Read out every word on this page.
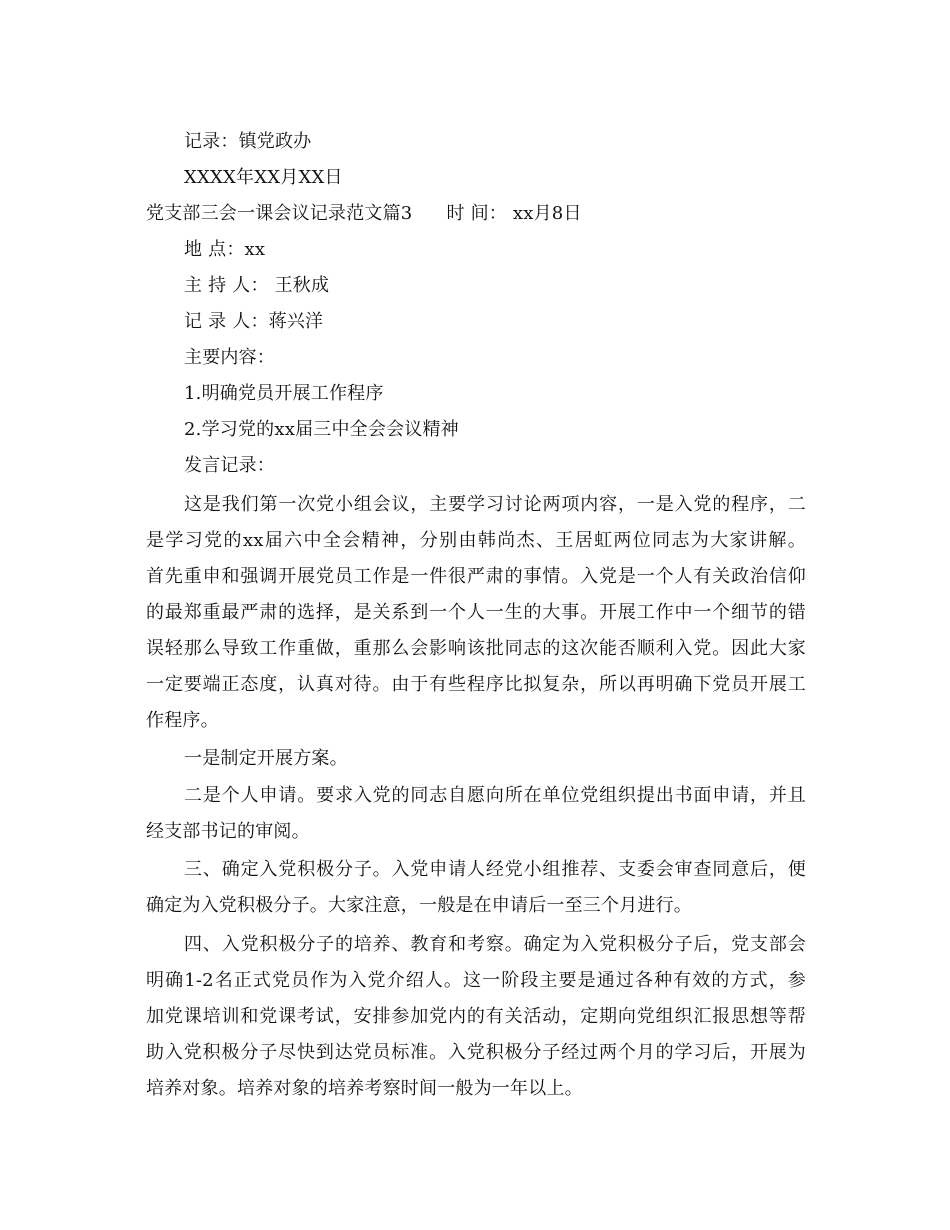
记录：镇党政办
XXXX年XX月XX日
党支部三会一课会议记录范文篇3 时 间： xx月8日
地 点：xx
主 持 人： 王秋成
记 录 人：蒋兴洋
主要内容：
1.明确党员开展工作程序
2.学习党的xx届三中全会会议精神
发言记录：
这是我们第一次党小组会议，主要学习讨论两项内容，一是入党的程序，二
是学习党的xx届六中全会精神，分别由韩尚杰、王居虹两位同志为大家讲解。
首先重申和强调开展党员工作是一件很严肃的事情。入党是一个人有关政治信仰
的最郑重最严肃的选择，是关系到一个人一生的大事。开展工作中一个细节的错
误轻那么导致工作重做，重那么会影响该批同志的这次能否顺利入党。因此大家
一定要端正态度，认真对待。由于有些程序比拟复杂，所以再明确下党员开展工
作程序。
一是制定开展方案。
二是个人申请。要求入党的同志自愿向所在单位党组织提出书面申请，并且
经支部书记的审阅。
三、确定入党积极分子。入党申请人经党小组推荐、支委会审查同意后，便
确定为入党积极分子。大家注意，一般是在申请后一至三个月进行。
四、入党积极分子的培养、教育和考察。确定为入党积极分子后，党支部会
明确1-2名正式党员作为入党介绍人。这一阶段主要是通过各种有效的方式，参
加党课培训和党课考试，安排参加党内的有关活动，定期向党组织汇报思想等帮
助入党积极分子尽快到达党员标准。入党积极分子经过两个月的学习后，开展为
培养对象。培养对象的培养考察时间一般为一年以上。
